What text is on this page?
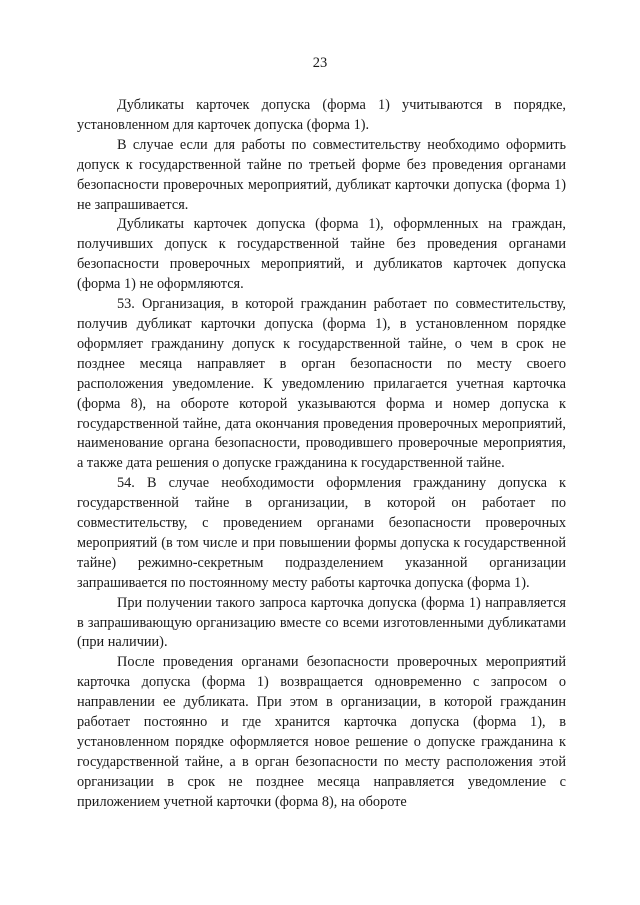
23

Дубликаты карточек допуска (форма 1) учитываются в порядке, установленном для карточек допуска (форма 1).

В случае если для работы по совместительству необходимо оформить допуск к государственной тайне по третьей форме без проведения органами безопасности проверочных мероприятий, дубликат карточки допуска (форма 1) не запрашивается.

Дубликаты карточек допуска (форма 1), оформленных на граждан, получивших допуск к государственной тайне без проведения органами безопасности проверочных мероприятий, и дубликатов карточек допуска (форма 1) не оформляются.

53. Организация, в которой гражданин работает по совместительству, получив дубликат карточки допуска (форма 1), в установленном порядке оформляет гражданину допуск к государственной тайне, о чем в срок не позднее месяца направляет в орган безопасности по месту своего расположения уведомление. К уведомлению прилагается учетная карточка (форма 8), на обороте которой указываются форма и номер допуска к государственной тайне, дата окончания проведения проверочных мероприятий, наименование органа безопасности, проводившего проверочные мероприятия, а также дата решения о допуске гражданина к государственной тайне.

54. В случае необходимости оформления гражданину допуска к государственной тайне в организации, в которой он работает по совместительству, с проведением органами безопасности проверочных мероприятий (в том числе и при повышении формы допуска к государственной тайне) режимно-секретным подразделением указанной организации запрашивается по постоянному месту работы карточка допуска (форма 1).

При получении такого запроса карточка допуска (форма 1) направляется в запрашивающую организацию вместе со всеми изготовленными дубликатами (при наличии).

После проведения органами безопасности проверочных мероприятий карточка допуска (форма 1) возвращается одновременно с запросом о направлении ее дубликата. При этом в организации, в которой гражданин работает постоянно и где хранится карточка допуска (форма 1), в установленном порядке оформляется новое решение о допуске гражданина к государственной тайне, а в орган безопасности по месту расположения этой организации в срок не позднее месяца направляется уведомление с приложением учетной карточки (форма 8), на обороте
